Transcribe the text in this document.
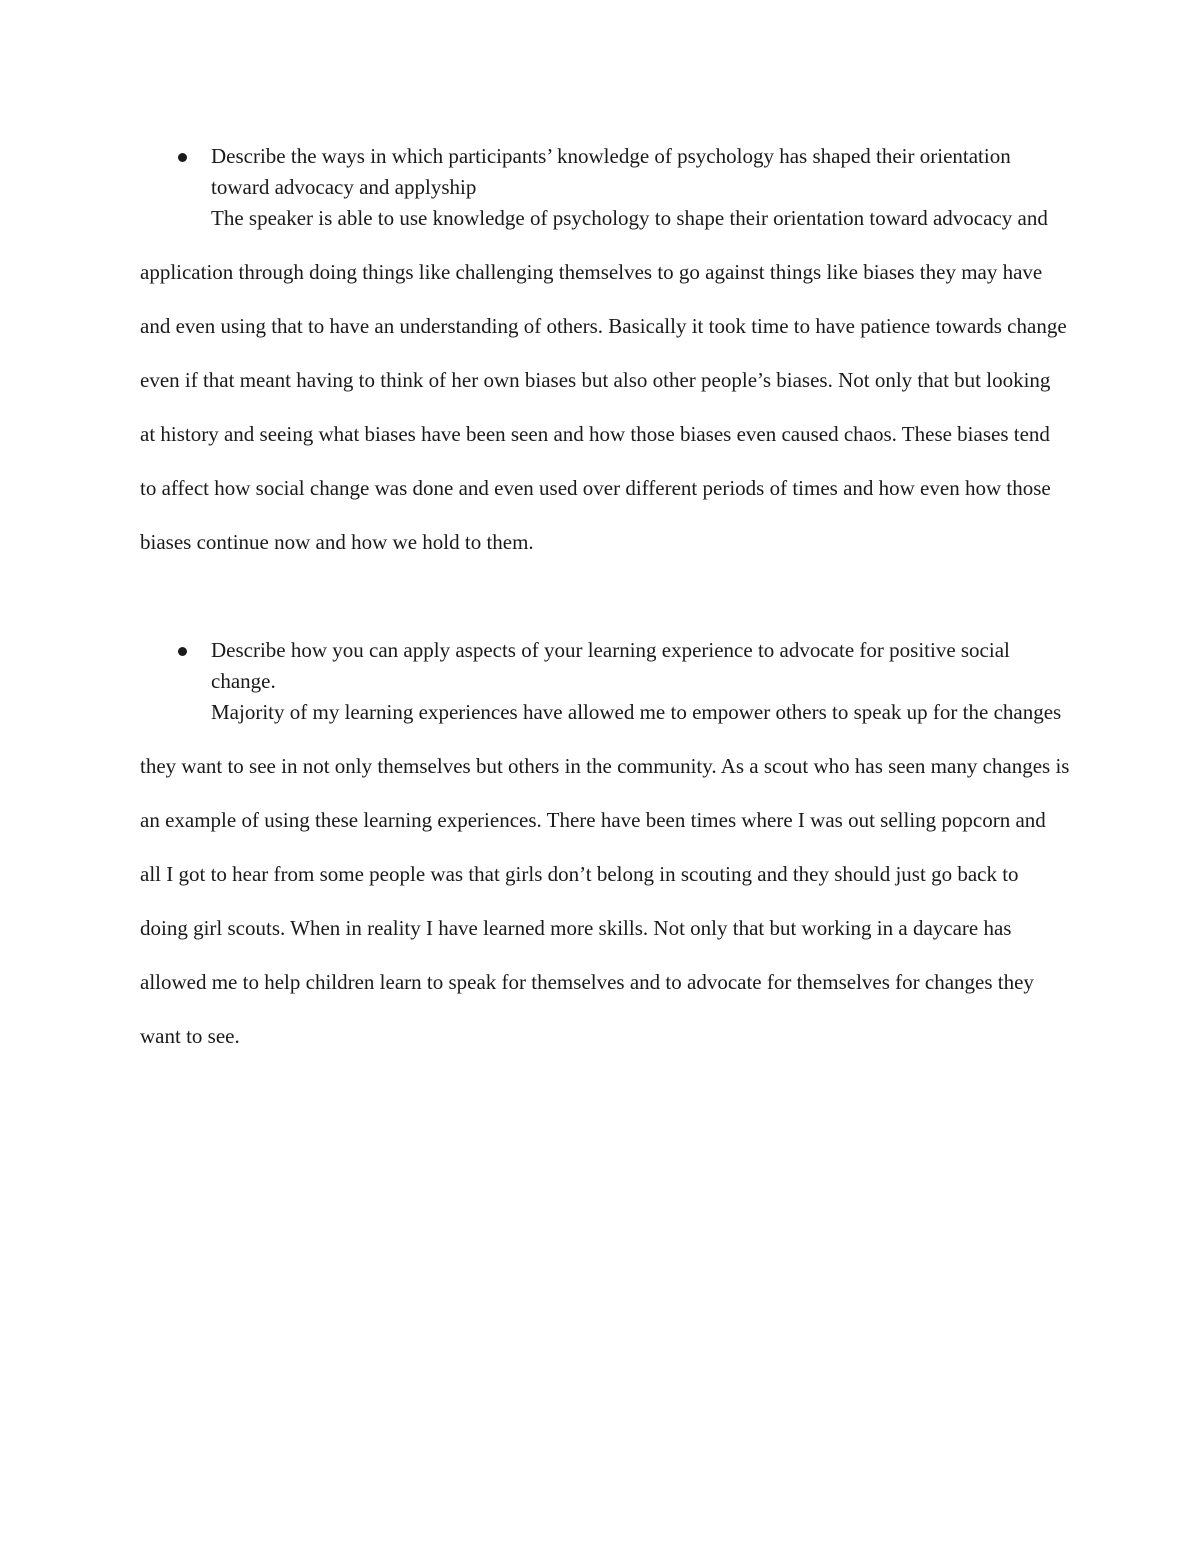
Describe the ways in which participants’ knowledge of psychology has shaped their orientation toward advocacy and applyship

The speaker is able to use knowledge of psychology to shape their orientation toward advocacy and application through doing things like challenging themselves to go against things like biases they may have and even using that to have an understanding of others. Basically it took time to have patience towards change even if that meant having to think of her own biases but also other people’s biases. Not only that but looking at history and seeing what biases have been seen and how those biases even caused chaos. These biases tend to affect how social change was done and even used over different periods of times and how even how those biases continue now and how we hold to them.

Describe how you can apply aspects of your learning experience to advocate for positive social change.

Majority of my learning experiences have allowed me to empower others to speak up for the changes they want to see in not only themselves but others in the community. As a scout who has seen many changes is an example of using these learning experiences. There have been times where I was out selling popcorn and all I got to hear from some people was that girls don’t belong in scouting and they should just go back to doing girl scouts. When in reality I have learned more skills. Not only that but working in a daycare has allowed me to help children learn to speak for themselves and to advocate for themselves for changes they want to see.
